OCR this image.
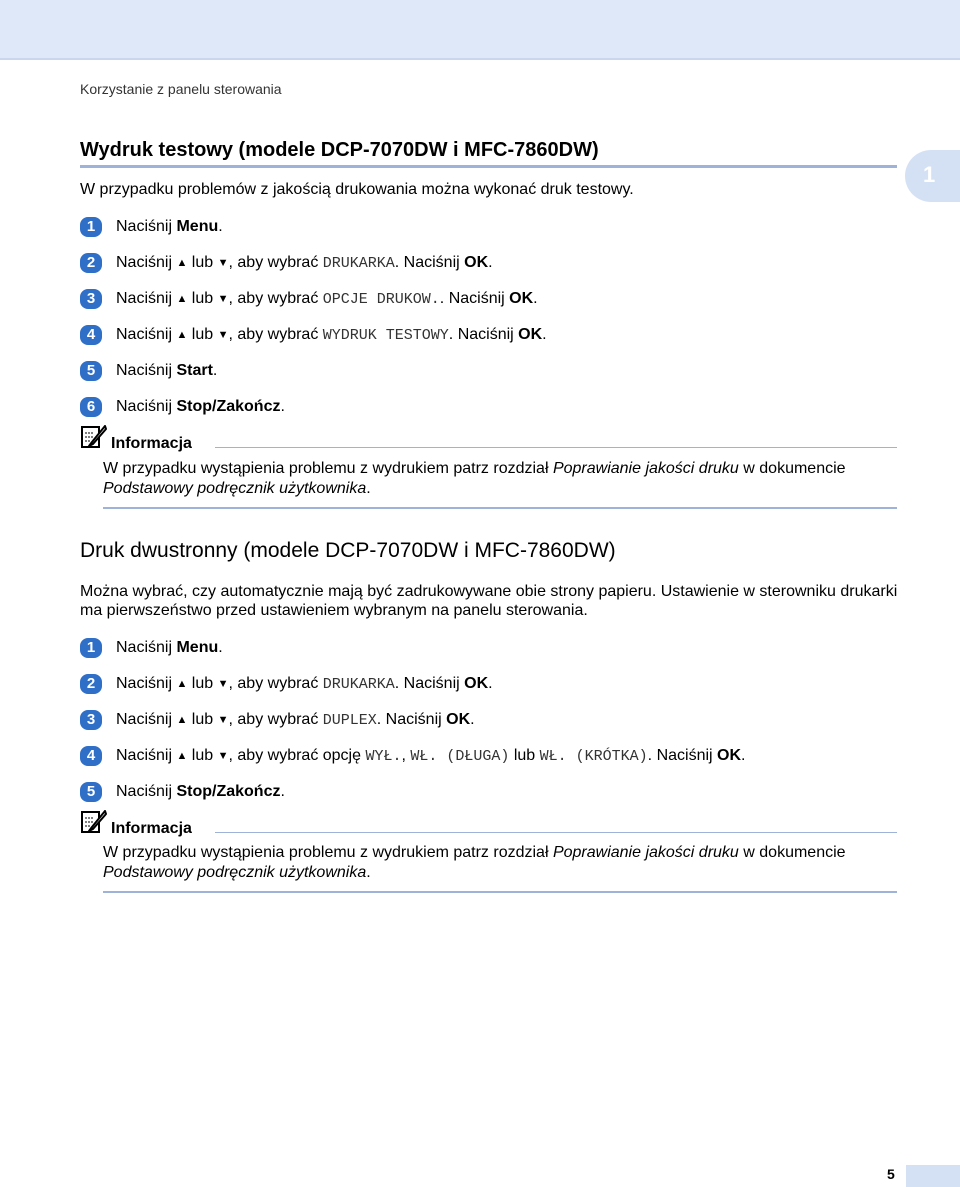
Korzystanie z panelu sterowania
1
Wydruk testowy (modele DCP-7070DW i MFC-7860DW)
W przypadku problemów z jakością drukowania można wykonać druk testowy.
1	Naciśnij Menu.
2	Naciśnij ▲ lub ▼, aby wybrać DRUKARKA. Naciśnij OK.
3	Naciśnij ▲ lub ▼, aby wybrać OPCJE DRUKOW.. Naciśnij OK.
4	Naciśnij ▲ lub ▼, aby wybrać WYDRUK TESTOWY. Naciśnij OK.
5	Naciśnij Start.
6	Naciśnij Stop/Zakończ.
Informacja
W przypadku wystąpienia problemu z wydrukiem patrz rozdział Poprawianie jakości druku w dokumencie Podstawowy podręcznik użytkownika.
Druk dwustronny (modele DCP-7070DW i MFC-7860DW)
Można wybrać, czy automatycznie mają być zadrukowywane obie strony papieru. Ustawienie w sterowniku drukarki ma pierwszeństwo przed ustawieniem wybranym na panelu sterowania.
1	Naciśnij Menu.
2	Naciśnij ▲ lub ▼, aby wybrać DRUKARKA. Naciśnij OK.
3	Naciśnij ▲ lub ▼, aby wybrać DUPLEX. Naciśnij OK.
4	Naciśnij ▲ lub ▼, aby wybrać opcję WYŁ., WŁ. (DŁUGA) lub WŁ. (KRÓTKA). Naciśnij OK.
5	Naciśnij Stop/Zakończ.
Informacja
W przypadku wystąpienia problemu z wydrukiem patrz rozdział Poprawianie jakości druku w dokumencie Podstawowy podręcznik użytkownika.
5
